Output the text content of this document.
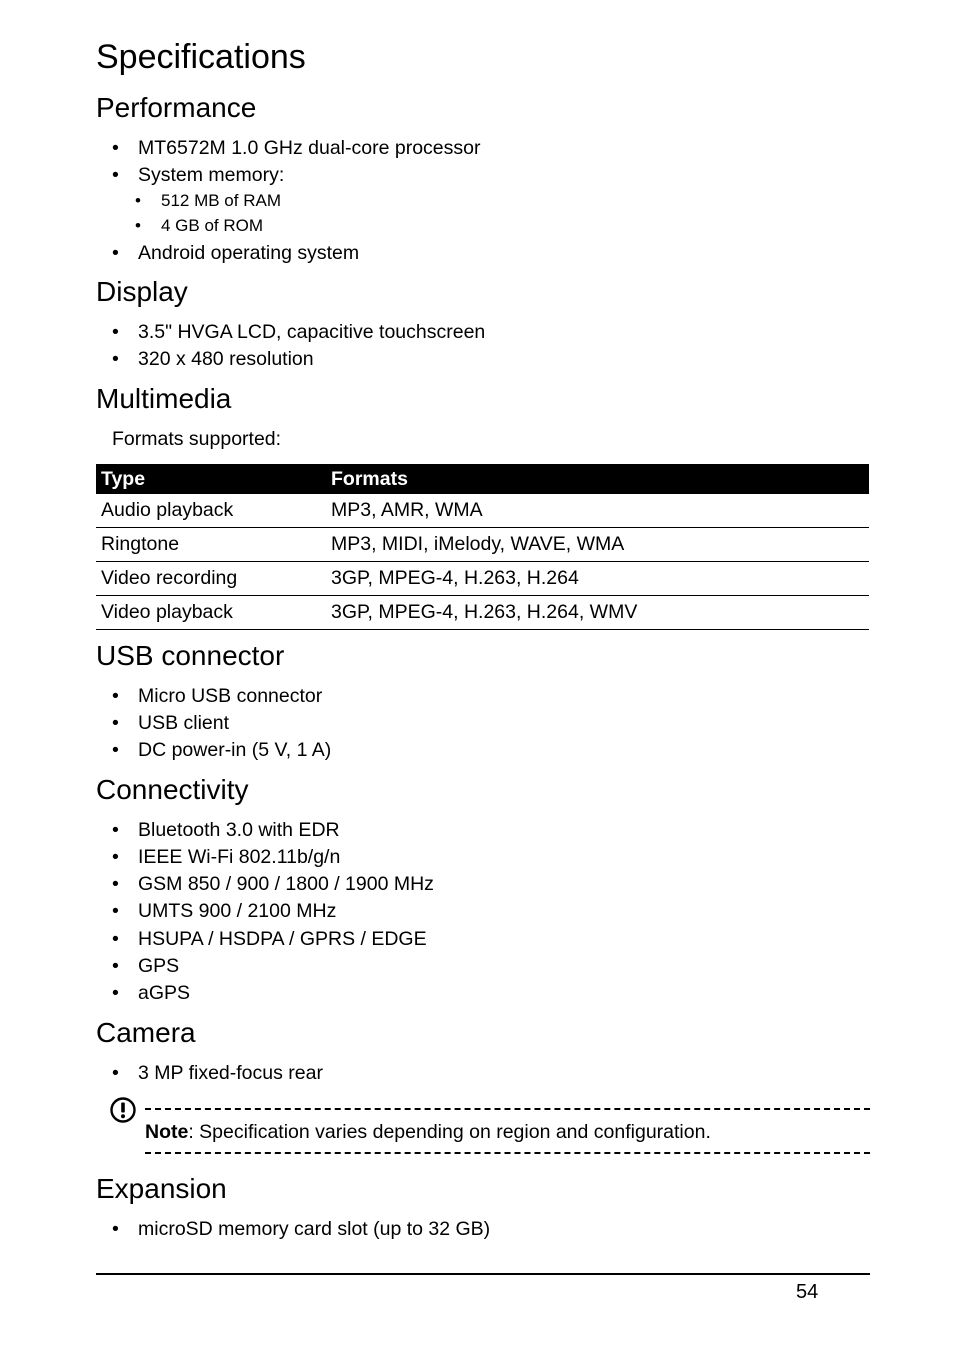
Specifications
Performance
• MT6572M 1.0 GHz dual-core processor
• System memory:
• 512 MB of RAM
• 4 GB of ROM
• Android operating system
Display
• 3.5" HVGA LCD, capacitive touchscreen
• 320 x 480 resolution
Multimedia
Formats supported:
Type	Formats
Audio playback	MP3, AMR, WMA
Ringtone	MP3, MIDI, iMelody, WAVE, WMA
Video recording	3GP, MPEG-4, H.263, H.264
Video playback	3GP, MPEG-4, H.263, H.264, WMV
USB connector
• Micro USB connector
• USB client
• DC power-in (5 V, 1 A)
Connectivity
• Bluetooth 3.0 with EDR
• IEEE Wi-Fi 802.11b/g/n
• GSM 850 / 900 / 1800 / 1900 MHz
• UMTS 900 / 2100 MHz
• HSUPA / HSDPA / GPRS / EDGE
• GPS
• aGPS
Camera
• 3 MP fixed-focus rear
Note: Specification varies depending on region and configuration.
Expansion
• microSD memory card slot (up to 32 GB)
54
